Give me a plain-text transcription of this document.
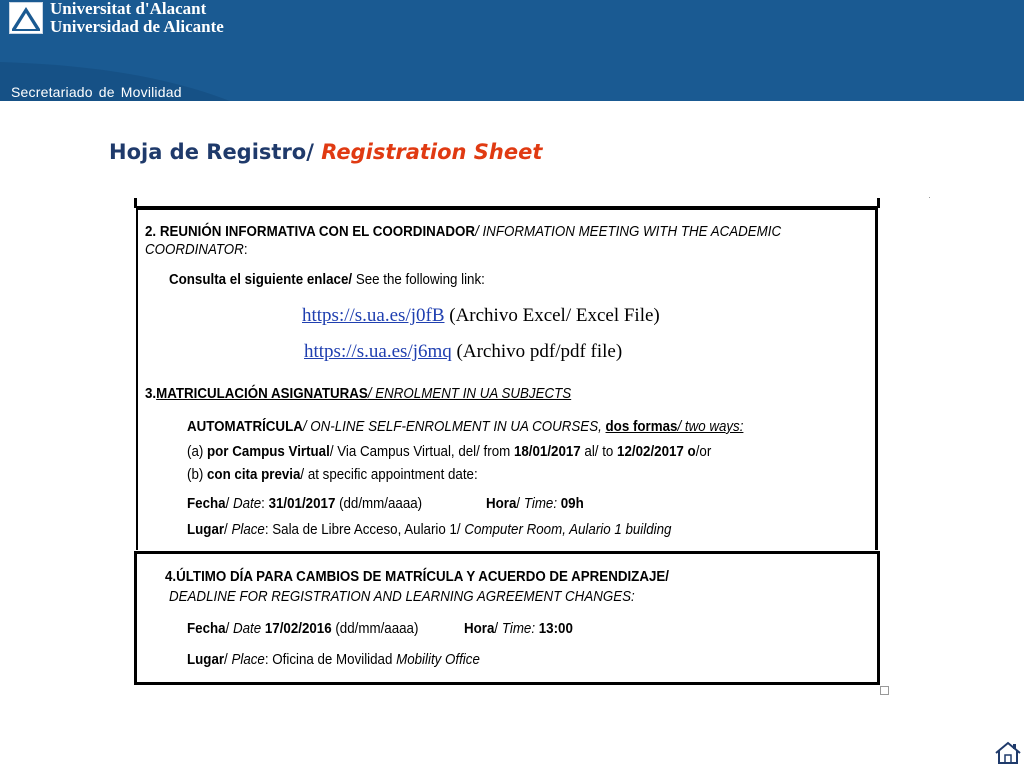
Universitat d'Alacant
Universidad de Alicante
Secretariado de Movilidad
Hoja de Registro/ Registration Sheet
2. REUNIÓN INFORMATIVA CON EL COORDINADOR/ INFORMATION MEETING WITH THE ACADEMIC
COORDINATOR:
Consulta el siguiente enlace/ See the following link:
https://s.ua.es/j0fB (Archivo Excel/ Excel File)
https://s.ua.es/j6mq (Archivo pdf/pdf file)
3.MATRICULACIÓN ASIGNATURAS/ ENROLMENT IN UA SUBJECTS
AUTOMATRÍCULA/ ON-LINE SELF-ENROLMENT IN UA COURSES, dos formas/ two ways:
(a) por Campus Virtual/ Via Campus Virtual, del/ from 18/01/2017 al/ to 12/02/2017 o/or
(b) con cita previa/ at specific appointment date:
Fecha/ Date: 31/01/2017 (dd/mm/aaaa)	Hora/ Time: 09h
Lugar/ Place: Sala de Libre Acceso, Aulario 1/ Computer Room, Aulario 1 building
4.ÚLTIMO DÍA PARA CAMBIOS DE MATRÍCULA Y ACUERDO DE APRENDIZAJE/
DEADLINE FOR REGISTRATION AND LEARNING AGREEMENT CHANGES:
Fecha/ Date 17/02/2016 (dd/mm/aaaa)	Hora/ Time: 13:00
Lugar/ Place: Oficina de Movilidad Mobility Office
